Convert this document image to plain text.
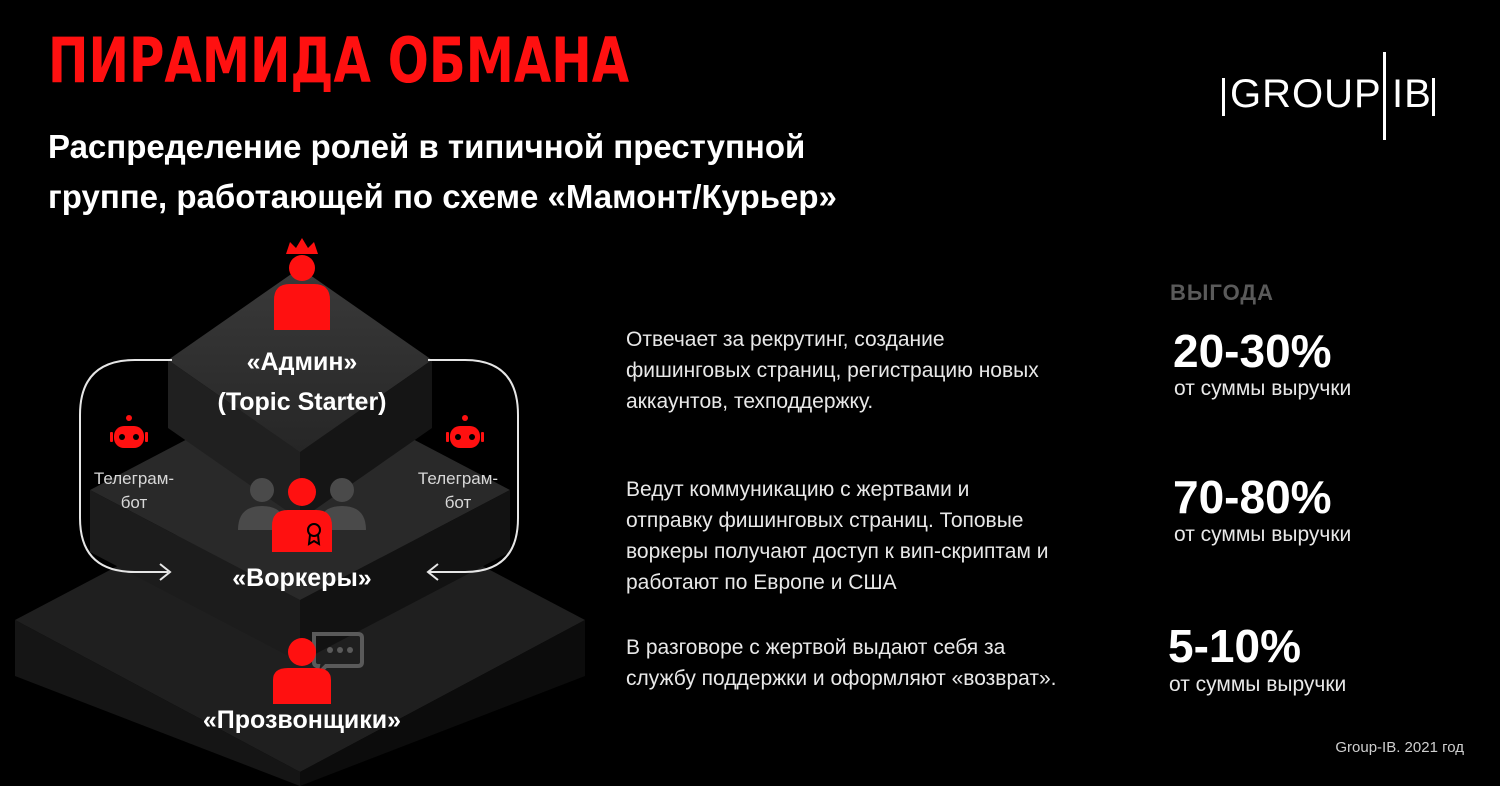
ПИРАМИДА ОБМАНА
Распределение ролей в типичной преступной
группе, работающей по схеме «Мамонт/Курьер»
GROUP IB
«Админ»
(Topic Starter)
Телеграм-
бот
Телеграм-
бот
«Воркеры»
«Прозвонщики»

Отвечает за рекрутинг, создание
фишинговых страниц, регистрацию новых
аккаунтов, техподдержку.

Ведут коммуникацию с жертвами и
отправку фишинговых страниц. Топовые
воркеры получают доступ к вип-скриптам и
работают по Европе и США

В разговоре с жертвой выдают себя за
службу поддержки и оформляют «возврат».

ВЫГОДА

20-30%

от суммы выручки

70-80%

от суммы выручки

5-10%

от суммы выручки

Group-IB. 2021 год
